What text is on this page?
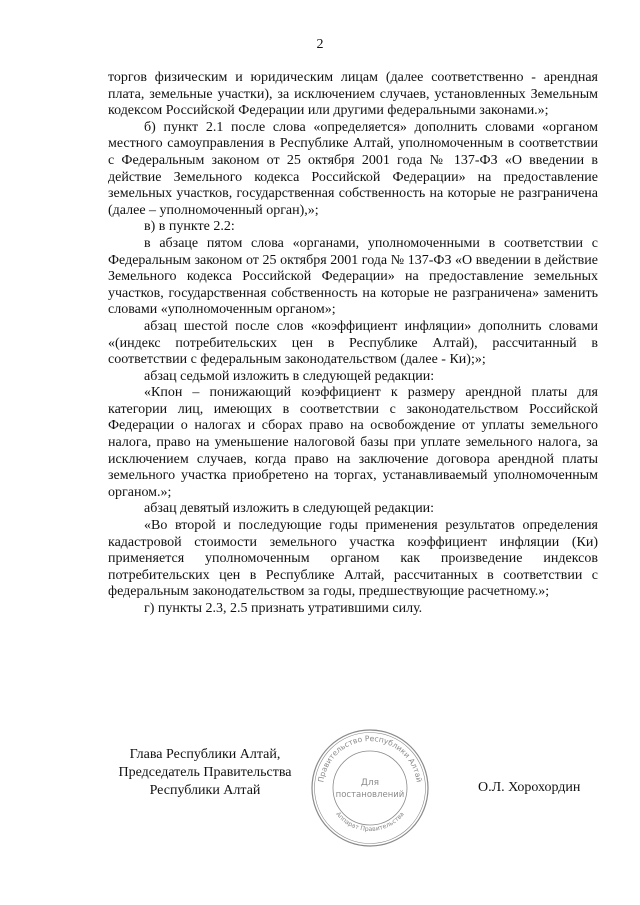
2

торгов физическим и юридическим лицам (далее соответственно - арендная плата, земельные участки), за исключением случаев, установленных Земельным кодексом Российской Федерации или другими федеральными законами.»;

б) пункт 2.1 после слова «определяется» дополнить словами «органом местного самоуправления в Республике Алтай, уполномоченным в соответствии с Федеральным законом от 25 октября 2001 года № 137-ФЗ «О введении в действие Земельного кодекса Российской Федерации» на предоставление земельных участков, государственная собственность на которые не разграничена (далее – уполномоченный орган),»;

в) в пункте 2.2:

в абзаце пятом слова «органами, уполномоченными в соответствии с Федеральным законом от 25 октября 2001 года № 137-ФЗ «О введении в действие Земельного кодекса Российской Федерации» на предоставление земельных участков, государственная собственность на которые не разграничена» заменить словами «уполномоченным органом»;

абзац шестой после слов «коэффициент инфляции» дополнить словами «(индекс потребительских цен в Республике Алтай), рассчитанный в соответствии с федеральным законодательством (далее - Ки);»;

абзац седьмой изложить в следующей редакции:

«Кпон – понижающий коэффициент к размеру арендной платы для категории лиц, имеющих в соответствии с законодательством Российской Федерации о налогах и сборах право на освобождение от уплаты земельного налога, право на уменьшение налоговой базы при уплате земельного налога, за исключением случаев, когда право на заключение договора арендной платы земельного участка приобретено на торгах, устанавливаемый уполномоченным органом.»;

абзац девятый изложить в следующей редакции:

«Во второй и последующие годы применения результатов определения кадастровой стоимости земельного участка коэффициент инфляции (Ки) применяется уполномоченным органом как произведение индексов потребительских цен в Республике Алтай, рассчитанных в соответствии с федеральным законодательством за годы, предшествующие расчетному.»;

г) пункты 2.3, 2.5 признать утратившими силу.

Глава Республики Алтай,
Председатель Правительства
Республики Алтай
Правительство Республики Алтай
Аппарат Правительства
Для
постановлений	О.Л. Хорохордин
